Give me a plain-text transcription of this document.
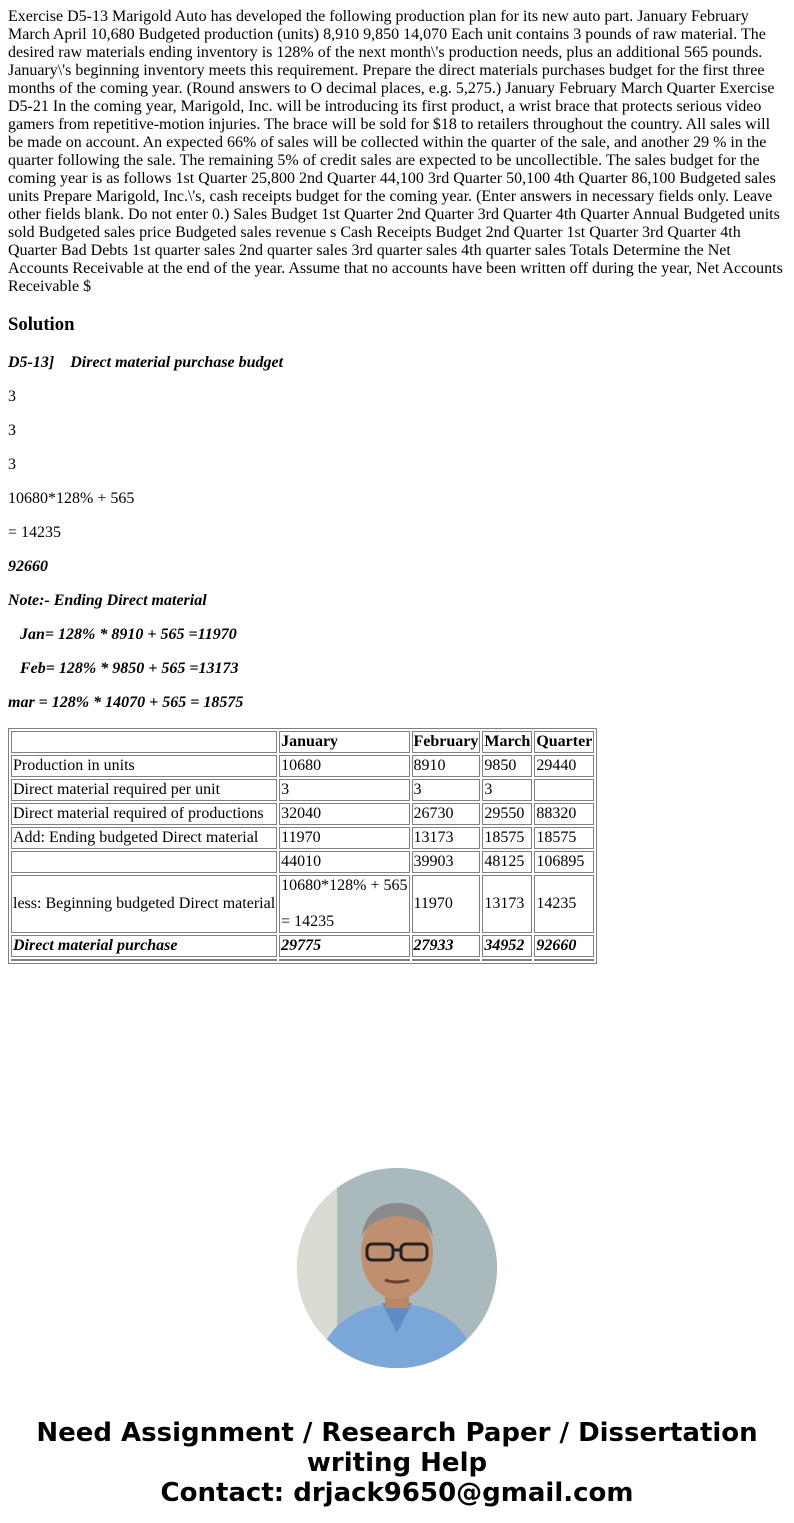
Exercise D5-13 Marigold Auto has developed the following production plan for its new auto part. January February March April 10,680 Budgeted production (units) 8,910 9,850 14,070 Each unit contains 3 pounds of raw material. The desired raw materials ending inventory is 128% of the next month\'s production needs, plus an additional 565 pounds. January\'s beginning inventory meets this requirement. Prepare the direct materials purchases budget for the first three months of the coming year. (Round answers to O decimal places, e.g. 5,275.) January February March Quarter Exercise D5-21 In the coming year, Marigold, Inc. will be introducing its first product, a wrist brace that protects serious video gamers from repetitive-motion injuries. The brace will be sold for $18 to retailers throughout the country. All sales will be made on account. An expected 66% of sales will be collected within the quarter of the sale, and another 29 % in the quarter following the sale. The remaining 5% of credit sales are expected to be uncollectible. The sales budget for the coming year is as follows 1st Quarter 25,800 2nd Quarter 44,100 3rd Quarter 50,100 4th Quarter 86,100 Budgeted sales units Prepare Marigold, Inc.\'s, cash receipts budget for the coming year. (Enter answers in necessary fields only. Leave other fields blank. Do not enter 0.) Sales Budget 1st Quarter 2nd Quarter 3rd Quarter 4th Quarter Annual Budgeted units sold Budgeted sales price Budgeted sales revenue s Cash Receipts Budget 2nd Quarter 1st Quarter 3rd Quarter 4th Quarter Bad Debts 1st quarter sales 2nd quarter sales 3rd quarter sales 4th quarter sales Totals Determine the Net Accounts Receivable at the end of the year. Assume that no accounts have been written off during the year, Net Accounts Receivable $

Solution

D5-13]    Direct material purchase budget

3

3

3

10680*128% + 565

= 14235

92660

Note:- Ending Direct material

Jan= 128% * 8910 + 565 =11970

Feb= 128% * 9850 + 565 =13173

mar = 128% * 14070 + 565 = 18575

	January	February	March	Quarter
Production in units	10680	8910	9850	29440
Direct material required per unit	3	3	3	
Direct material required of productions	32040	26730	29550	88320
Add: Ending budgeted Direct material	11970	13173	18575	18575
	44010	39903	48125	106895
less: Beginning budgeted Direct material	10680*128% + 565

= 14235	11970	13173	14235
Direct material purchase	29775	27933	34952	92660

Need Assignment / Research Paper / Dissertation writing Help
Contact: drjack9650@gmail.com
